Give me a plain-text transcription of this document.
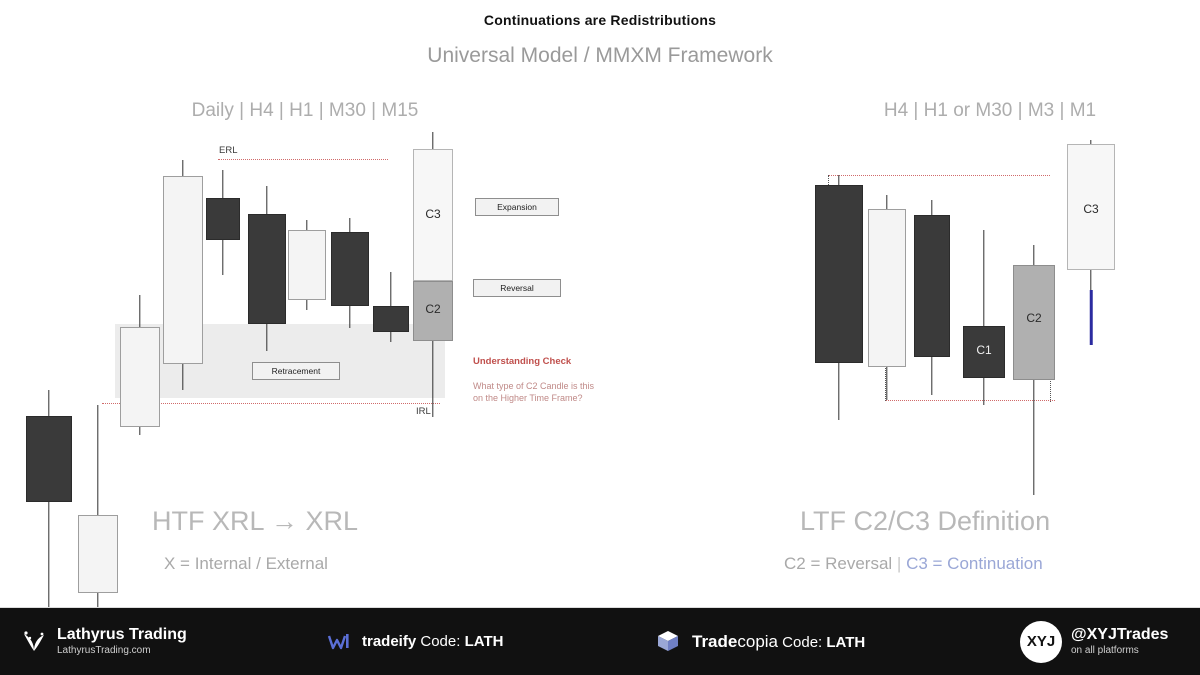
Continuations are Redistributions
Universal Model / MMXM Framework
Daily | H4 | H1 | M30 | M15	H4 | H1 or M30 | M3 | M1
ERL
IRL
C3
C2
Expansion
Reversal
Retracement
Understanding Check
What type of C2 Candle is this
on the Higher Time Frame?
C1
C2
C3
HTF XRL → XRL
X = Internal / External
LTF C2/C3 Definition
C2 = Reversal | C3 = Continuation
Lathyrus Trading
LathyrusTrading.com
tradeify Code: LATH	Tradecopia Code: LATH	XYJ @XYJTrades
on all platforms
